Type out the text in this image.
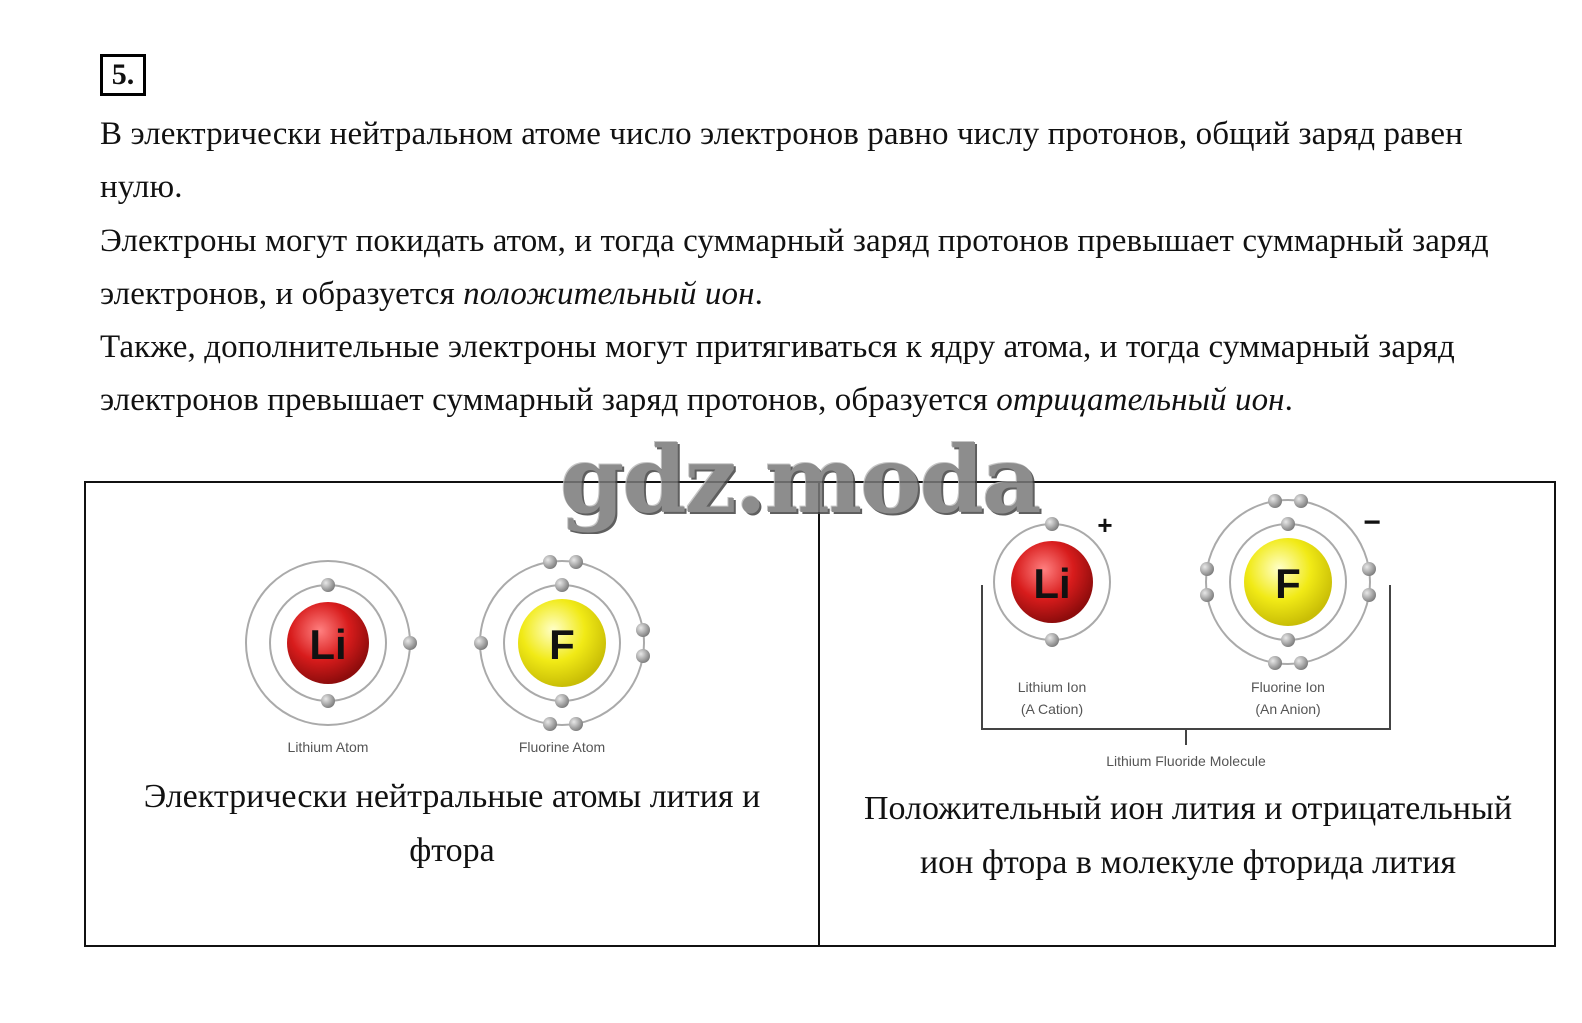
5.

В электрически нейтральном атоме число электронов равно числу протонов, общий заряд равен нулю.

Электроны могут покидать атом, и тогда суммарный заряд протонов превышает суммарный заряд электронов, и образуется положительный ион.

Также, дополнительные электроны могут притягиваться к ядру атома, и тогда суммарный заряд электронов превышает суммарный заряд протонов, образуется отрицательный ион.

Li
Lithium Atom
F
Fluorine Atom
Li
+
Lithium Ion
(A Cation)
F
−
Fluorine Ion
(An Anion)
Lithium Fluoride Molecule
gdz.moda
Электрически нейтральные атомы лития и фтора
Положительный ион лития и отрицательный ион фтора в молекуле фторида лития
